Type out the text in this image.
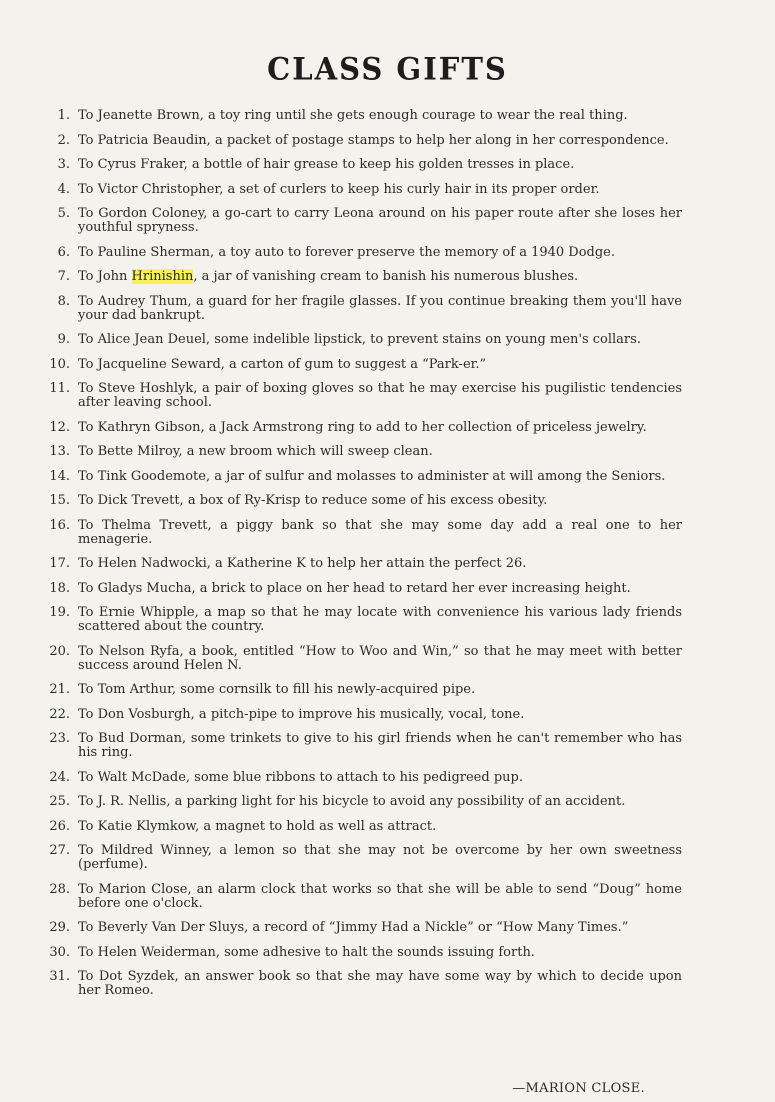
CLASS GIFTS
1. To Jeanette Brown, a toy ring until she gets enough courage to wear the real thing.
2. To Patricia Beaudin, a packet of postage stamps to help her along in her correspondence.
3. To Cyrus Fraker, a bottle of hair grease to keep his golden tresses in place.
4. To Victor Christopher, a set of curlers to keep his curly hair in its proper order.
5. To Gordon Coloney, a go-cart to carry Leona around on his paper route after she loses her youthful spryness.
6. To Pauline Sherman, a toy auto to forever preserve the memory of a 1940 Dodge.
7. To John Hrinishin, a jar of vanishing cream to banish his numerous blushes.
8. To Audrey Thum, a guard for her fragile glasses. If you continue breaking them you'll have your dad bankrupt.
9. To Alice Jean Deuel, some indelible lipstick, to prevent stains on young men's collars.
10. To Jacqueline Seward, a carton of gum to suggest a “Park-er.”
11. To Steve Hoshlyk, a pair of boxing gloves so that he may exercise his pugilistic tendencies after leaving school.
12. To Kathryn Gibson, a Jack Armstrong ring to add to her collection of priceless jewelry.
13. To Bette Milroy, a new broom which will sweep clean.
14. To Tink Goodemote, a jar of sulfur and molasses to administer at will among the Seniors.
15. To Dick Trevett, a box of Ry-Krisp to reduce some of his excess obesity.
16. To Thelma Trevett, a piggy bank so that she may some day add a real one to her menagerie.
17. To Helen Nadwocki, a Katherine K to help her attain the perfect 26.
18. To Gladys Mucha, a brick to place on her head to retard her ever increasing height.
19. To Ernie Whipple, a map so that he may locate with convenience his various lady friends scattered about the country.
20. To Nelson Ryfa, a book, entitled “How to Woo and Win,” so that he may meet with better success around Helen N.
21. To Tom Arthur, some cornsilk to fill his newly-acquired pipe.
22. To Don Vosburgh, a pitch-pipe to improve his musically, vocal, tone.
23. To Bud Dorman, some trinkets to give to his girl friends when he can't remember who has his ring.
24. To Walt McDade, some blue ribbons to attach to his pedigreed pup.
25. To J. R. Nellis, a parking light for his bicycle to avoid any possibility of an accident.
26. To Katie Klymkow, a magnet to hold as well as attract.
27. To Mildred Winney, a lemon so that she may not be overcome by her own sweetness (perfume).
28. To Marion Close, an alarm clock that works so that she will be able to send “Doug” home before one o'clock.
29. To Beverly Van Der Sluys, a record of “Jimmy Had a Nickle” or “How Many Times.”
30. To Helen Weiderman, some adhesive to halt the sounds issuing forth.
31. To Dot Syzdek, an answer book so that she may have some way by which to decide upon her Romeo.
—MARION CLOSE.
